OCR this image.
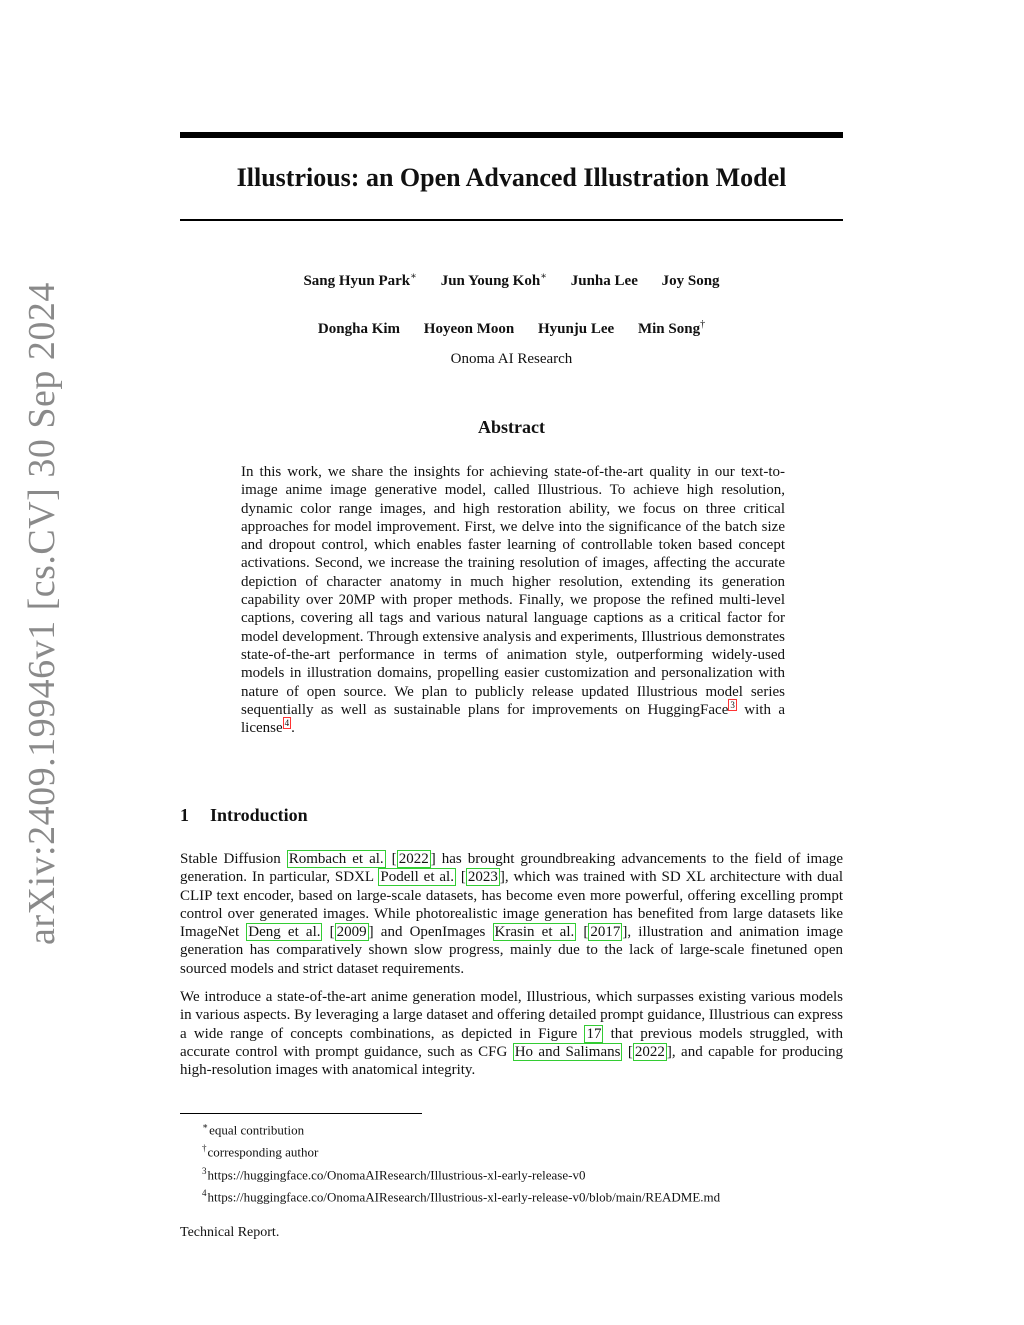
arXiv:2409.19946v1 [cs.CV] 30 Sep 2024
Illustrious: an Open Advanced Illustration Model
Sang Hyun Park∗ Jun Young Koh∗ Junha Lee Joy Song
Dongha Kim Hoyeon Moon Hyunju Lee Min Song†
Onoma AI Research
Abstract

In this work, we share the insights for achieving state-of-the-art quality in our text-to-image anime image generative model, called Illustrious. To achieve high resolution, dynamic color range images, and high restoration ability, we focus on three critical approaches for model improvement. First, we delve into the significance of the batch size and dropout control, which enables faster learning of controllable token based concept activations. Second, we increase the training resolution of images, affecting the accurate depiction of character anatomy in much higher resolution, extending its generation capability over 20MP with proper methods. Finally, we propose the refined multi-level captions, covering all tags and various natural language captions as a critical factor for model development. Through extensive analysis and experiments, Illustrious demonstrates state-of-the-art performance in terms of animation style, outperforming widely-used models in illustration domains, propelling easier customization and personalization with nature of open source. We plan to publicly release updated Illustrious model series sequentially as well as sustainable plans for improvements on HuggingFace $^3$ with a license $^4$ .

1 Introduction

Stable Diffusion Rombach et al. [ 2022 ] has brought groundbreaking advancements to the field of image generation. In particular, SDXL Podell et al. [ 2023 ], which was trained with SD XL architecture with dual CLIP text encoder, based on large-scale datasets, has become even more powerful, offering excelling prompt control over generated images. While photorealistic image generation has benefited from large datasets like ImageNet Deng et al. [ 2009 ] and OpenImages Krasin et al. [ 2017 ], illustration and animation image generation has comparatively shown slow progress, mainly due to the lack of large-scale finetuned open sourced models and strict dataset requirements.

We introduce a state-of-the-art anime generation model, Illustrious, which surpasses existing various models in various aspects. By leveraging a large dataset and offering detailed prompt guidance, Illustrious can express a wide range of concepts combinations, as depicted in Figure 17 that previous models struggled, with accurate control with prompt guidance, such as CFG Ho and Salimans [ 2022 ], and capable for producing high-resolution images with anatomical integrity.

∗equal contribution
†corresponding author
$^3$https://huggingface.co/OnomaAIResearch/Illustrious-xl-early-release-v0
$^4$https://huggingface.co/OnomaAIResearch/Illustrious-xl-early-release-v0/blob/main/README.md
Technical Report.
